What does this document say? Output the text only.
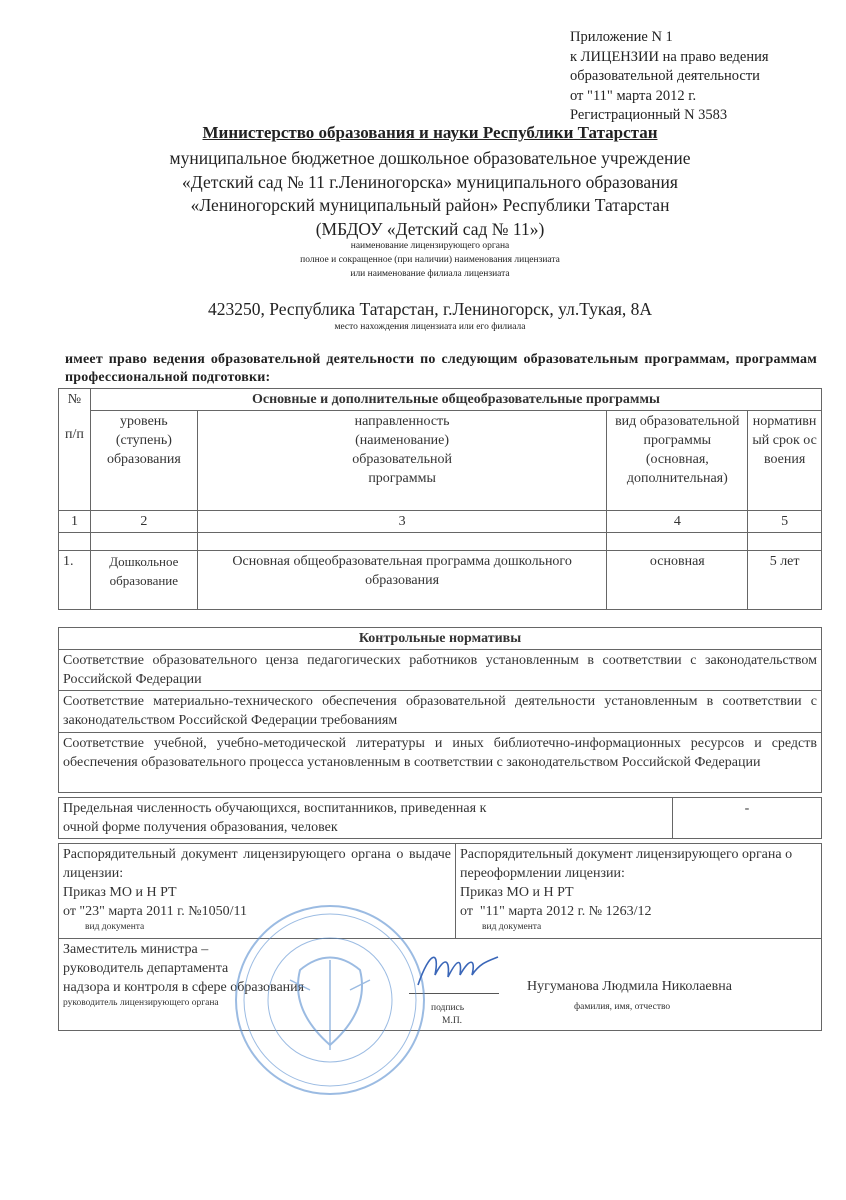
Приложение N 1
к ЛИЦЕНЗИИ на право ведения
образовательной деятельности
от "11" марта 2012 г.
Регистрационный N 3583
Министерство образования и науки Республики Татарстан
муниципальное бюджетное дошкольное образовательное учреждение
«Детский сад № 11 г.Лениногорска» муниципального образования
«Лениногорский муниципальный район» Республики Татарстан
(МБДОУ «Детский сад № 11»)
наименование лицензирующего органа
полное и сокращенное (при наличии) наименования лицензиата
или наименование филиала лицензиата
423250, Республика Татарстан, г.Лениногорск, ул.Тукая, 8А
место нахождения лицензиата или его филиала
имеет право ведения образовательной деятельности по следующим образовательным программам, программам профессиональной подготовки:
№
п/п	Основные и дополнительные общеобразовательные программы			
	уровень (ступень) образования	направленность (наименование) образовательной программы	вид образовательной программы (основная, дополнительная)	нормативный срок освоения
1	2	3	4	5

1.	Дошкольное образование	Основная общеобразовательная программа дошкольного образования	основная	5 лет
Контрольные нормативы
Соответствие образовательного ценза педагогических работников установленным в соответствии с законодательством Российской Федерации
Соответствие материально-технического обеспечения образовательной деятельности установленным в соответствии с законодательством Российской Федерации требованиям
Соответствие учебной, учебно-методической литературы и иных библиотечно-информационных ресурсов и средств обеспечения образовательного процесса установленным в соответствии с законодательством Российской Федерации
Предельная численность обучающихся, воспитанников, приведенная к очной форме получения образования, человек	-
Распорядительный документ лицензирующего органа о выдаче лицензии:
Приказ МО и Н РТ
от "23" марта 2011 г. №1050/11
вид документа

Распорядительный документ лицензирующего органа о переоформлении лицензии:
Приказ МО и Н РТ
от  "11" марта 2012 г. № 1263/12
вид документа

Заместитель министра –
руководитель департамента
надзора и контроля в сфере образования
руководитель лицензирующего органа	подпись
М.П.
Нугуманова Людмила Николаевна
фамилия, имя, отчество
